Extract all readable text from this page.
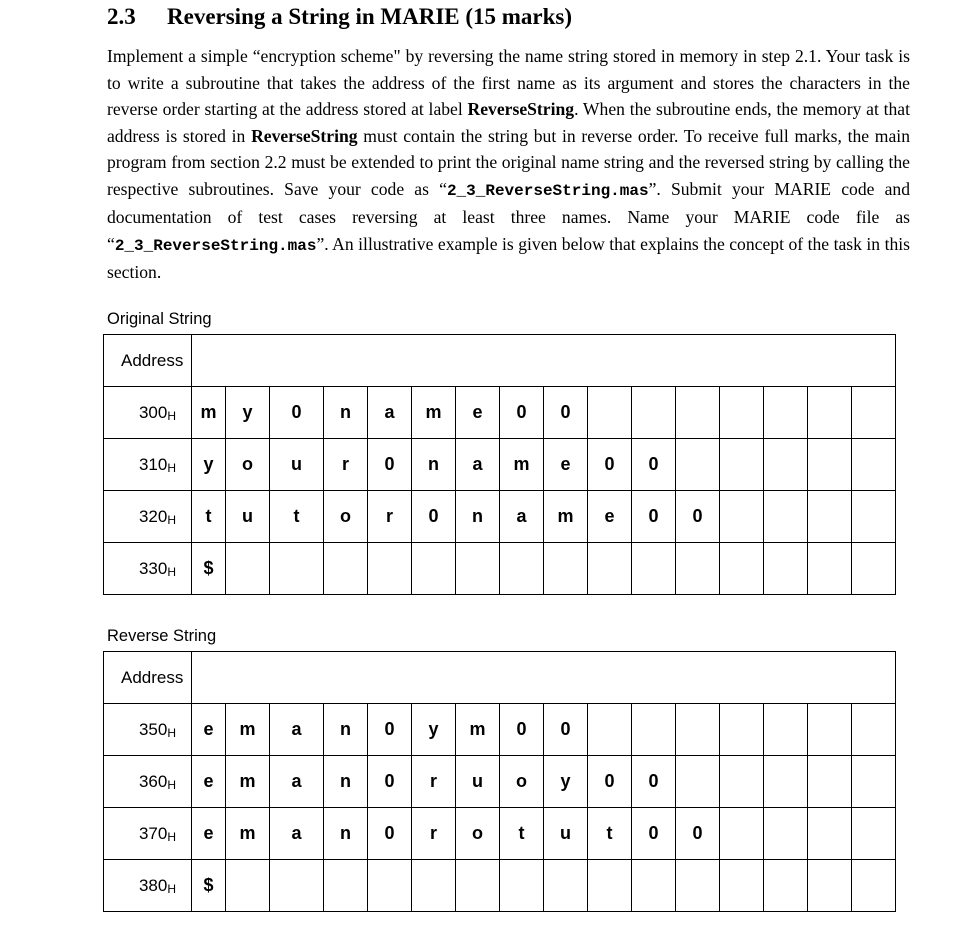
2.3 Reversing a String in MARIE (15 marks)

Implement a simple “encryption scheme" by reversing the name string stored in memory in step 2.1. Your task is to write a subroutine that takes the address of the first name as its argument and stores the characters in the reverse order starting at the address stored at label ReverseString. When the subroutine ends, the memory at that address is stored in ReverseString must contain the string but in reverse order. To receive full marks, the main program from section 2.2 must be extended to print the original name string and the reversed string by calling the respective subroutines. Save your code as “2_3_ReverseString.mas”. Submit your MARIE code and documentation of test cases reversing at least three names. Name your MARIE code file as “2_3_ReverseString.mas”. An illustrative example is given below that explains the concept of the task in this section.

Original String
Address																
$300_H$	m	y	0	n	a	m	e	0	0							
$310_H$	y	o	u	r	0	n	a	m	e	0	0					
$320_H$	t	u	t	o	r	0	n	a	m	e	0	0				
$330_H$	$															
Reverse String
Address																
$350_H$	e	m	a	n	0	y	m	0	0							
$360_H$	e	m	a	n	0	r	u	o	y	0	0					
$370_H$	e	m	a	n	0	r	o	t	u	t	0	0				
$380_H$	$															
